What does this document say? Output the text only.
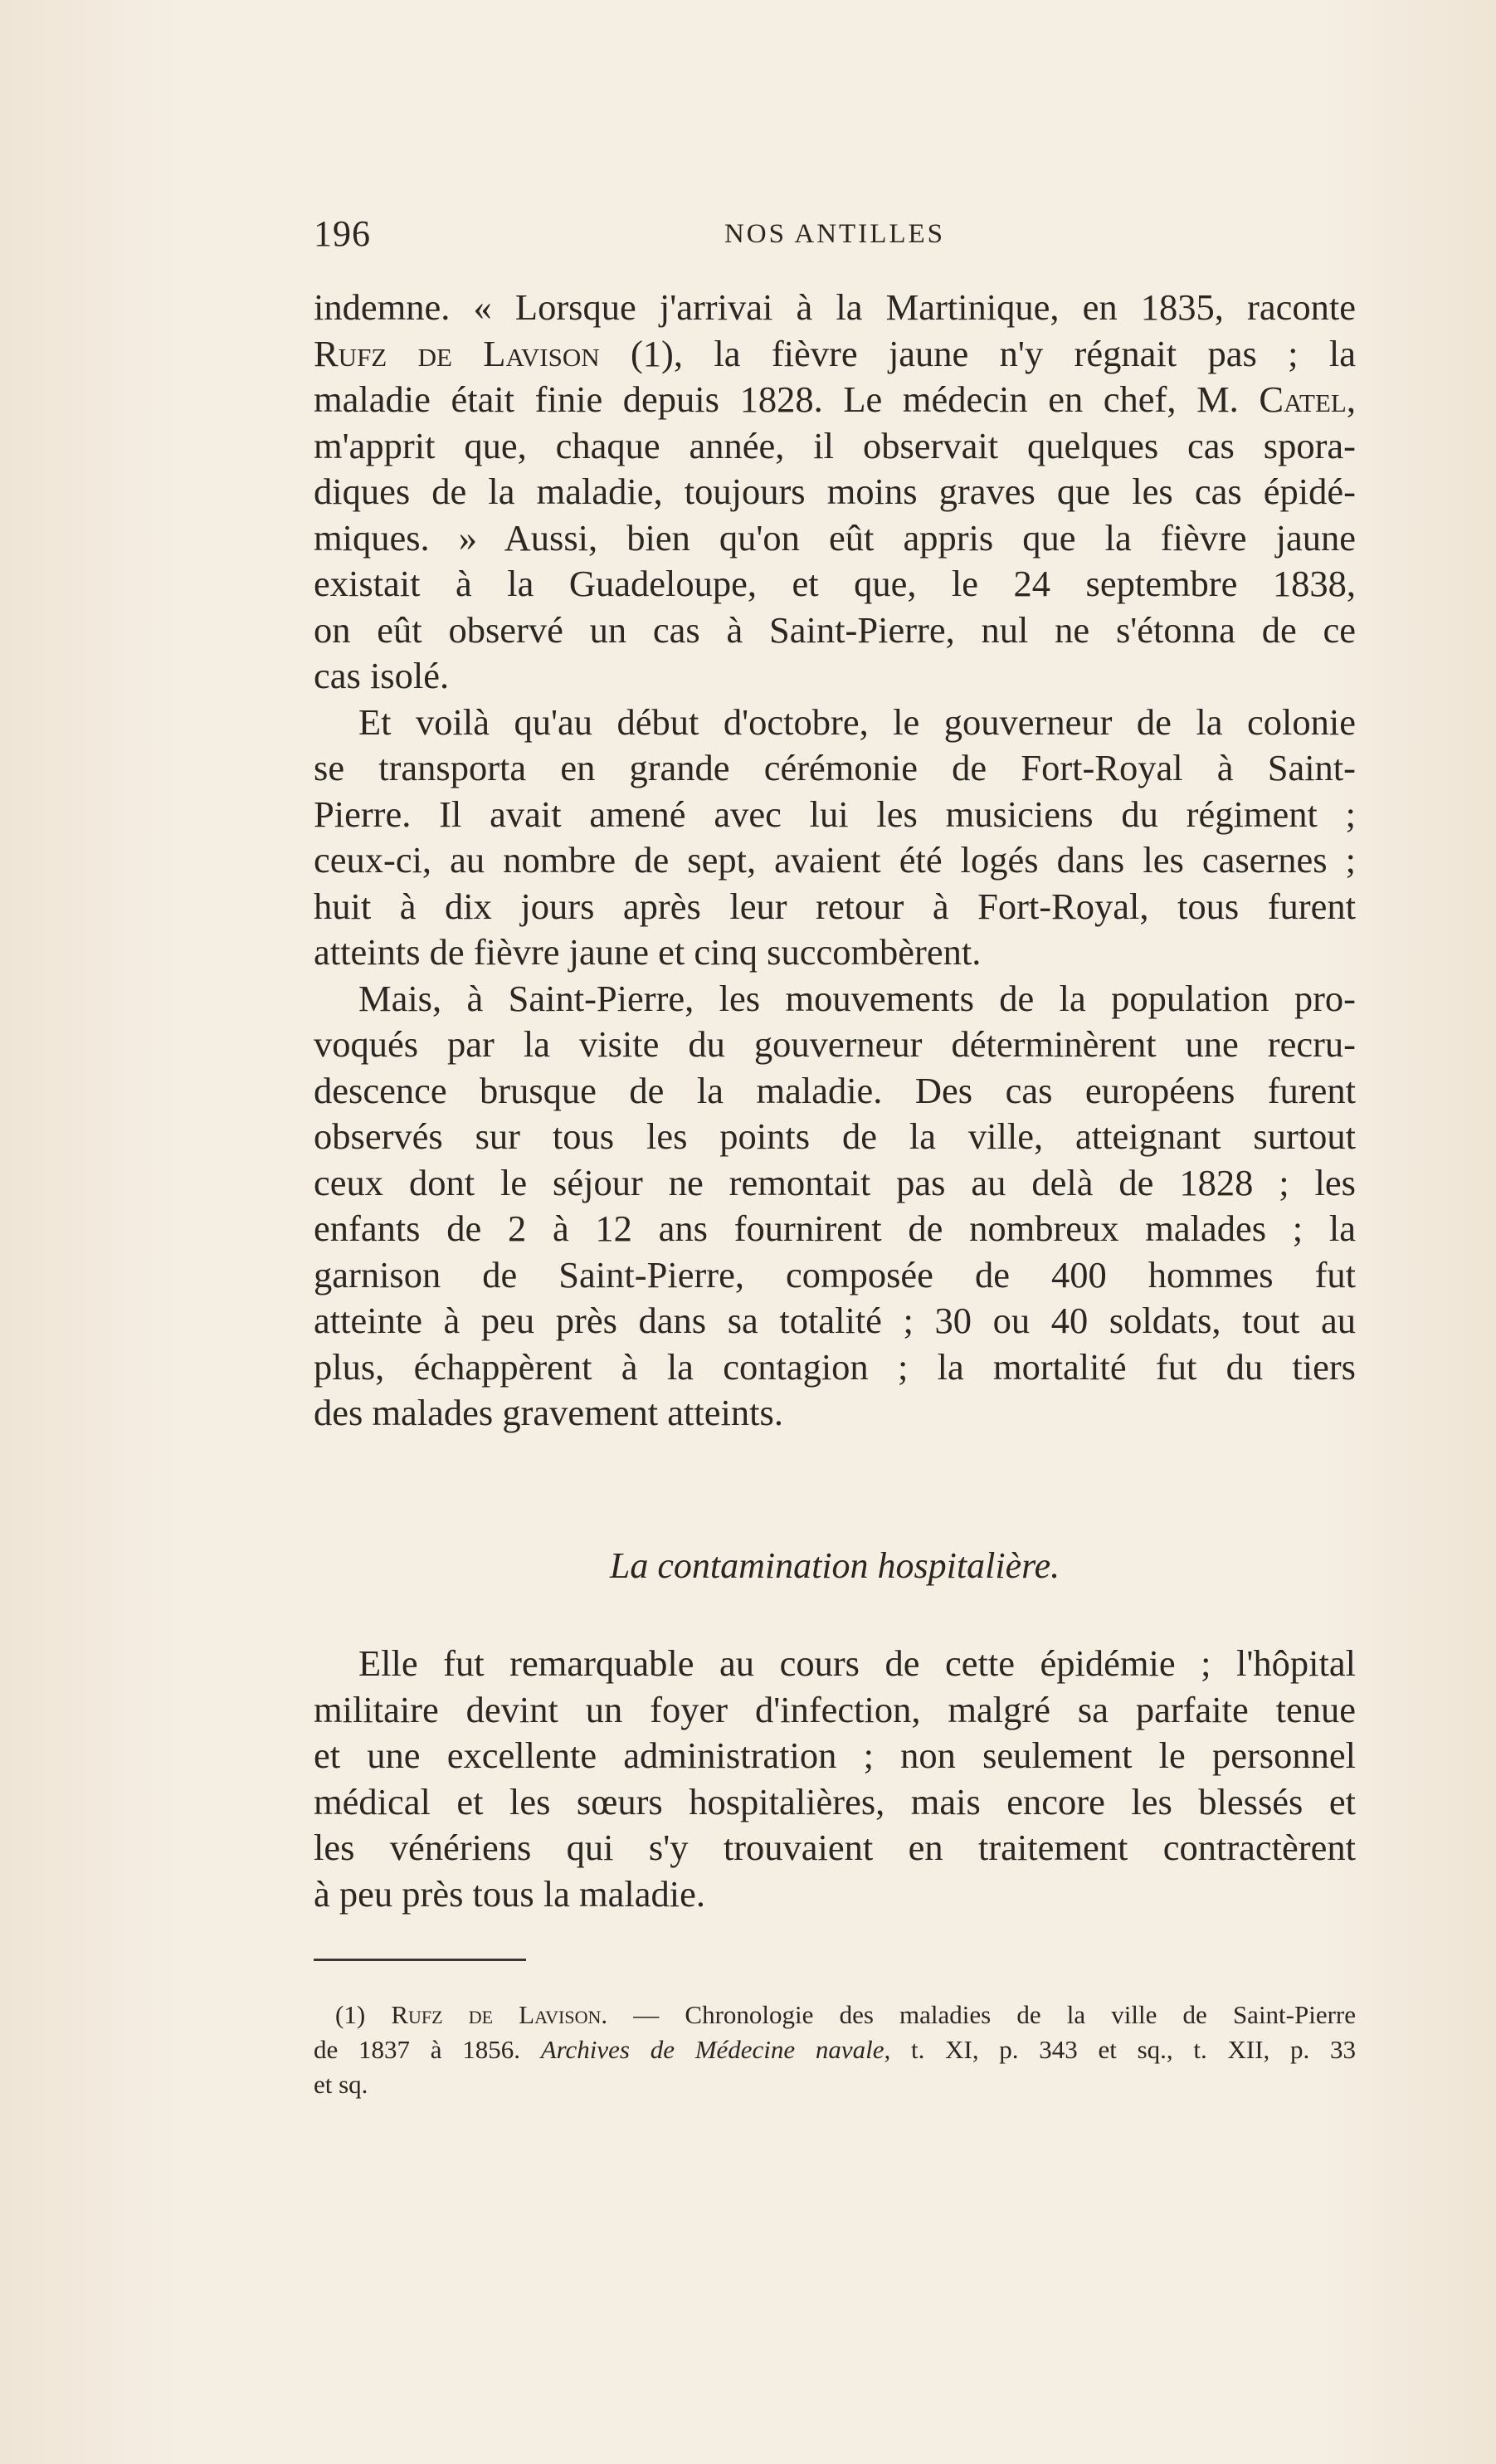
196	NOS ANTILLES
indemne. « Lorsque j'arrivai à la Martinique, en 1835, raconte
Rufz de Lavison (1), la fièvre jaune n'y régnait pas ; la
maladie était finie depuis 1828. Le médecin en chef, M. Catel,
m'apprit que, chaque année, il observait quelques cas spora-
diques de la maladie, toujours moins graves que les cas épidé-
miques. » Aussi, bien qu'on eût appris que la fièvre jaune
existait à la Guadeloupe, et que, le 24 septembre 1838,
on eût observé un cas à Saint-Pierre, nul ne s'étonna de ce
cas isolé.
Et voilà qu'au début d'octobre, le gouverneur de la colonie
se transporta en grande cérémonie de Fort-Royal à Saint-
Pierre. Il avait amené avec lui les musiciens du régiment ;
ceux-ci, au nombre de sept, avaient été logés dans les casernes ;
huit à dix jours après leur retour à Fort-Royal, tous furent
atteints de fièvre jaune et cinq succombèrent.
Mais, à Saint-Pierre, les mouvements de la population pro-
voqués par la visite du gouverneur déterminèrent une recru-
descence brusque de la maladie. Des cas européens furent
observés sur tous les points de la ville, atteignant surtout
ceux dont le séjour ne remontait pas au delà de 1828 ; les
enfants de 2 à 12 ans fournirent de nombreux malades ; la
garnison de Saint-Pierre, composée de 400 hommes fut
atteinte à peu près dans sa totalité ; 30 ou 40 soldats, tout au
plus, échappèrent à la contagion ; la mortalité fut du tiers
des malades gravement atteints.
La contamination hospitalière.
Elle fut remarquable au cours de cette épidémie ; l'hôpital
militaire devint un foyer d'infection, malgré sa parfaite tenue
et une excellente administration ; non seulement le personnel
médical et les sœurs hospitalières, mais encore les blessés et
les vénériens qui s'y trouvaient en traitement contractèrent
à peu près tous la maladie.
(1) Rufz de Lavison. — Chronologie des maladies de la ville de Saint-Pierre
de 1837 à 1856. Archives de Médecine navale, t. XI, p. 343 et sq., t. XII, p. 33
et sq.
